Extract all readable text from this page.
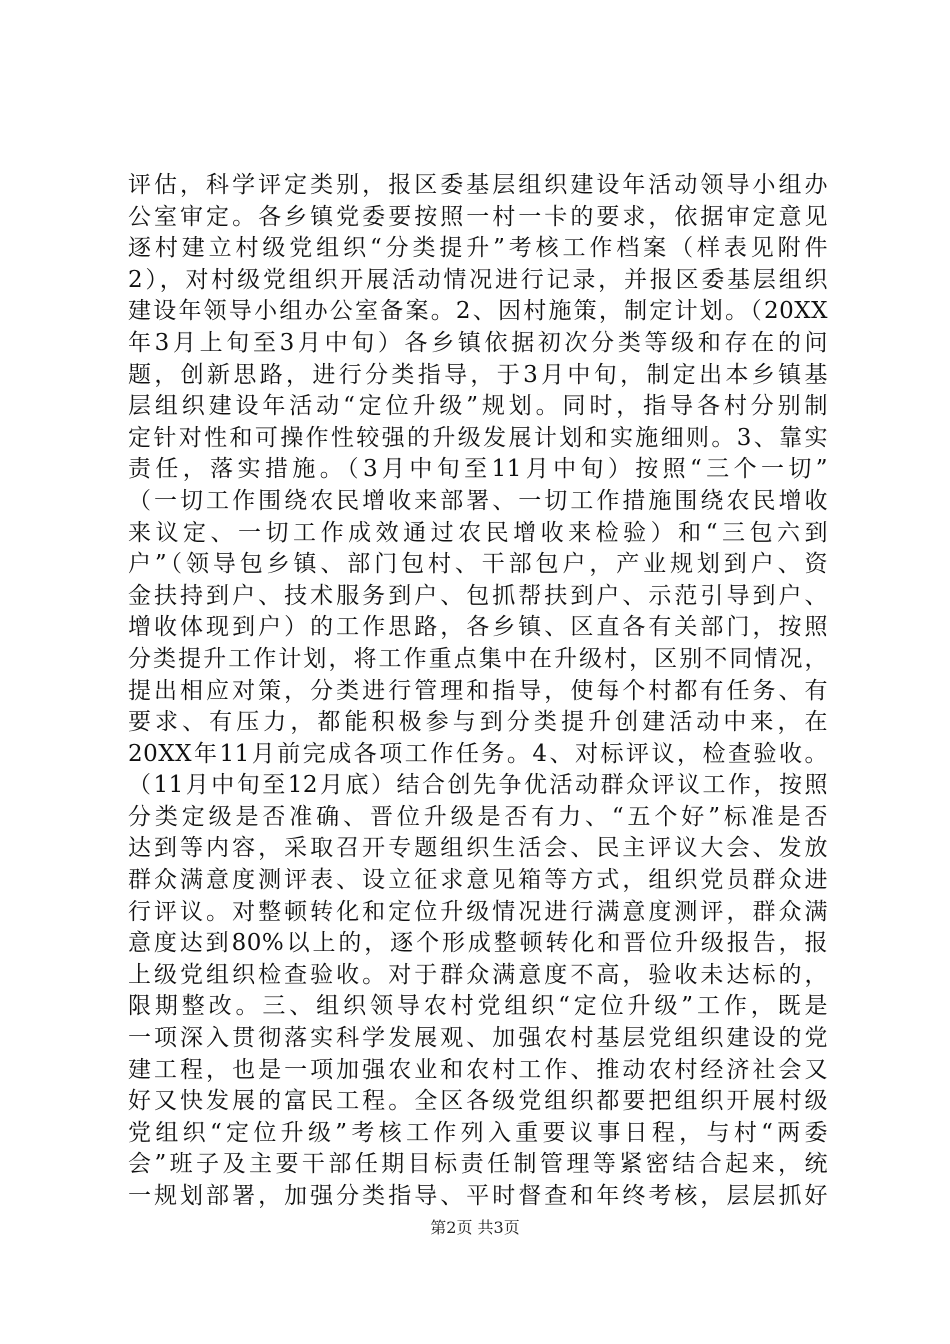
评估，科学评定类别，报区委基层组织建设年活动领导小组办
公室审定。各乡镇党委要按照一村一卡的要求，依据审定意见
逐村建立村级党组织“分类提升”考核工作档案（样表见附件
2），对村级党组织开展活动情况进行记录，并报区委基层组织
建设年领导小组办公室备案。2、因村施策，制定计划。（20XX
年3月上旬至3月中旬）各乡镇依据初次分类等级和存在的问
题，创新思路，进行分类指导，于3月中旬，制定出本乡镇基
层组织建设年活动“定位升级”规划。同时，指导各村分别制
定针对性和可操作性较强的升级发展计划和实施细则。3、靠实
责任，落实措施。（3月中旬至11月中旬）按照“三个一切”
（一切工作围绕农民增收来部署、一切工作措施围绕农民增收
来议定、一切工作成效通过农民增收来检验）和“三包六到
户”（领导包乡镇、部门包村、干部包户，产业规划到户、资
金扶持到户、技术服务到户、包抓帮扶到户、示范引导到户、
增收体现到户）的工作思路，各乡镇、区直各有关部门，按照
分类提升工作计划，将工作重点集中在升级村，区别不同情况，
提出相应对策，分类进行管理和指导，使每个村都有任务、有
要求、有压力，都能积极参与到分类提升创建活动中来，在
20XX年11月前完成各项工作任务。4、对标评议，检查验收。
（11月中旬至12月底）结合创先争优活动群众评议工作，按照
分类定级是否准确、晋位升级是否有力、“五个好”标准是否
达到等内容，采取召开专题组织生活会、民主评议大会、发放
群众满意度测评表、设立征求意见箱等方式，组织党员群众进
行评议。对整顿转化和定位升级情况进行满意度测评，群众满
意度达到80%以上的，逐个形成整顿转化和晋位升级报告，报
上级党组织检查验收。对于群众满意度不高，验收未达标的，
限期整改。三、组织领导农村党组织“定位升级”工作，既是
一项深入贯彻落实科学发展观、加强农村基层党组织建设的党
建工程，也是一项加强农业和农村工作、推动农村经济社会又
好又快发展的富民工程。全区各级党组织都要把组织开展村级
党组织“定位升级”考核工作列入重要议事日程，与村“两委
会”班子及主要干部任期目标责任制管理等紧密结合起来，统
一规划部署，加强分类指导、平时督查和年终考核，层层抓好
第2页 共3页
